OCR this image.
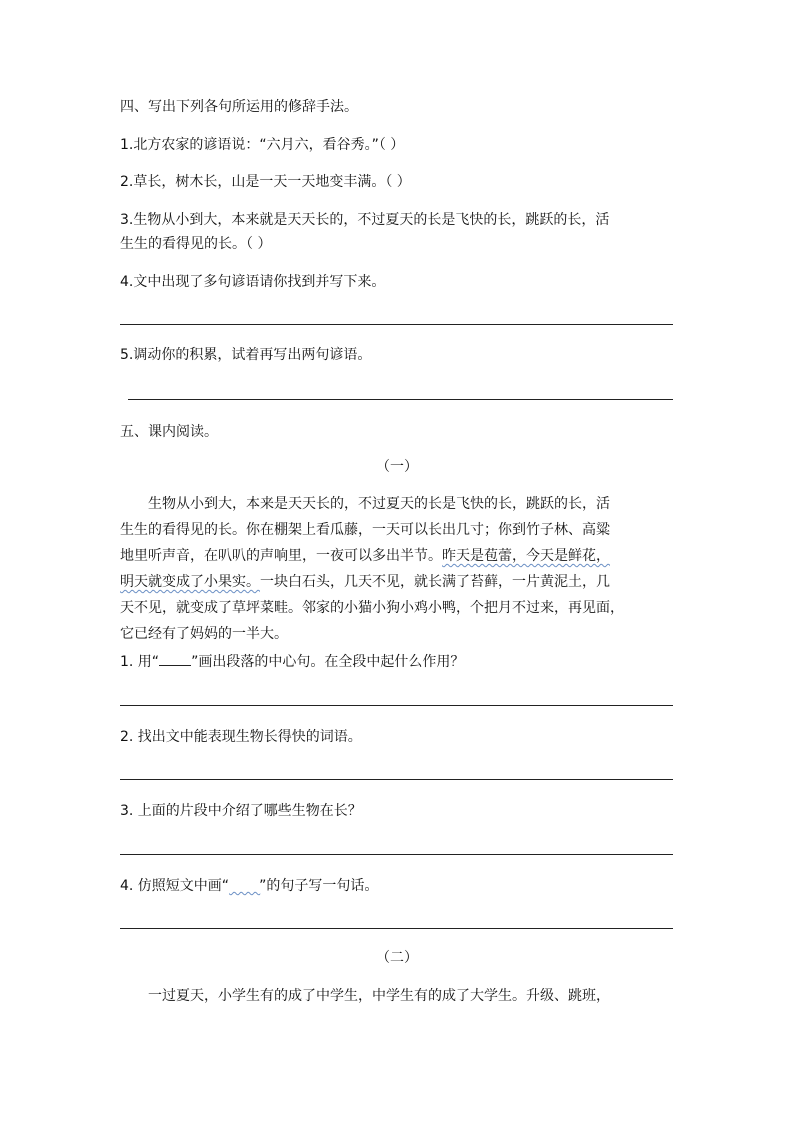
四、写出下列各句所运用的修辞手法。
1.北方农家的谚语说：“六月六，看谷秀。”（ ）
2.草长，树木长，山是一天一天地变丰满。（ ）
3.生物从小到大，本来就是天天长的，不过夏天的长是飞快的长，跳跃的长，活
生生的看得见的长。（ ）
4.文中出现了多句谚语请你找到并写下来。
5.调动你的积累，试着再写出两句谚语。
五、课内阅读。
（一）
生物从小到大，本来是天天长的，不过夏天的长是飞快的长，跳跃的长，活
生生的看得见的长。你在棚架上看瓜藤，一天可以长出几寸；你到竹子林、高粱
地里听声音，在叭叭的声响里，一夜可以多出半节。昨天是苞蕾，今天是鲜花，
明天就变成了小果实。一块白石头，几天不见，就长满了苔藓，一片黄泥土，几
天不见，就变成了草坪菜畦。邻家的小猫小狗小鸡小鸭，个把月不过来，再见面，
它已经有了妈妈的一半大。
1. 用“ ”画出段落的中心句。在全段中起什么作用？
2. 找出文中能表现生物长得快的词语。
3. 上面的片段中介绍了哪些生物在长？
4. 仿照短文中画“​       ”的句子写一句话。
（二）
一过夏天，小学生有的成了中学生，中学生有的成了大学生。升级、跳班，
